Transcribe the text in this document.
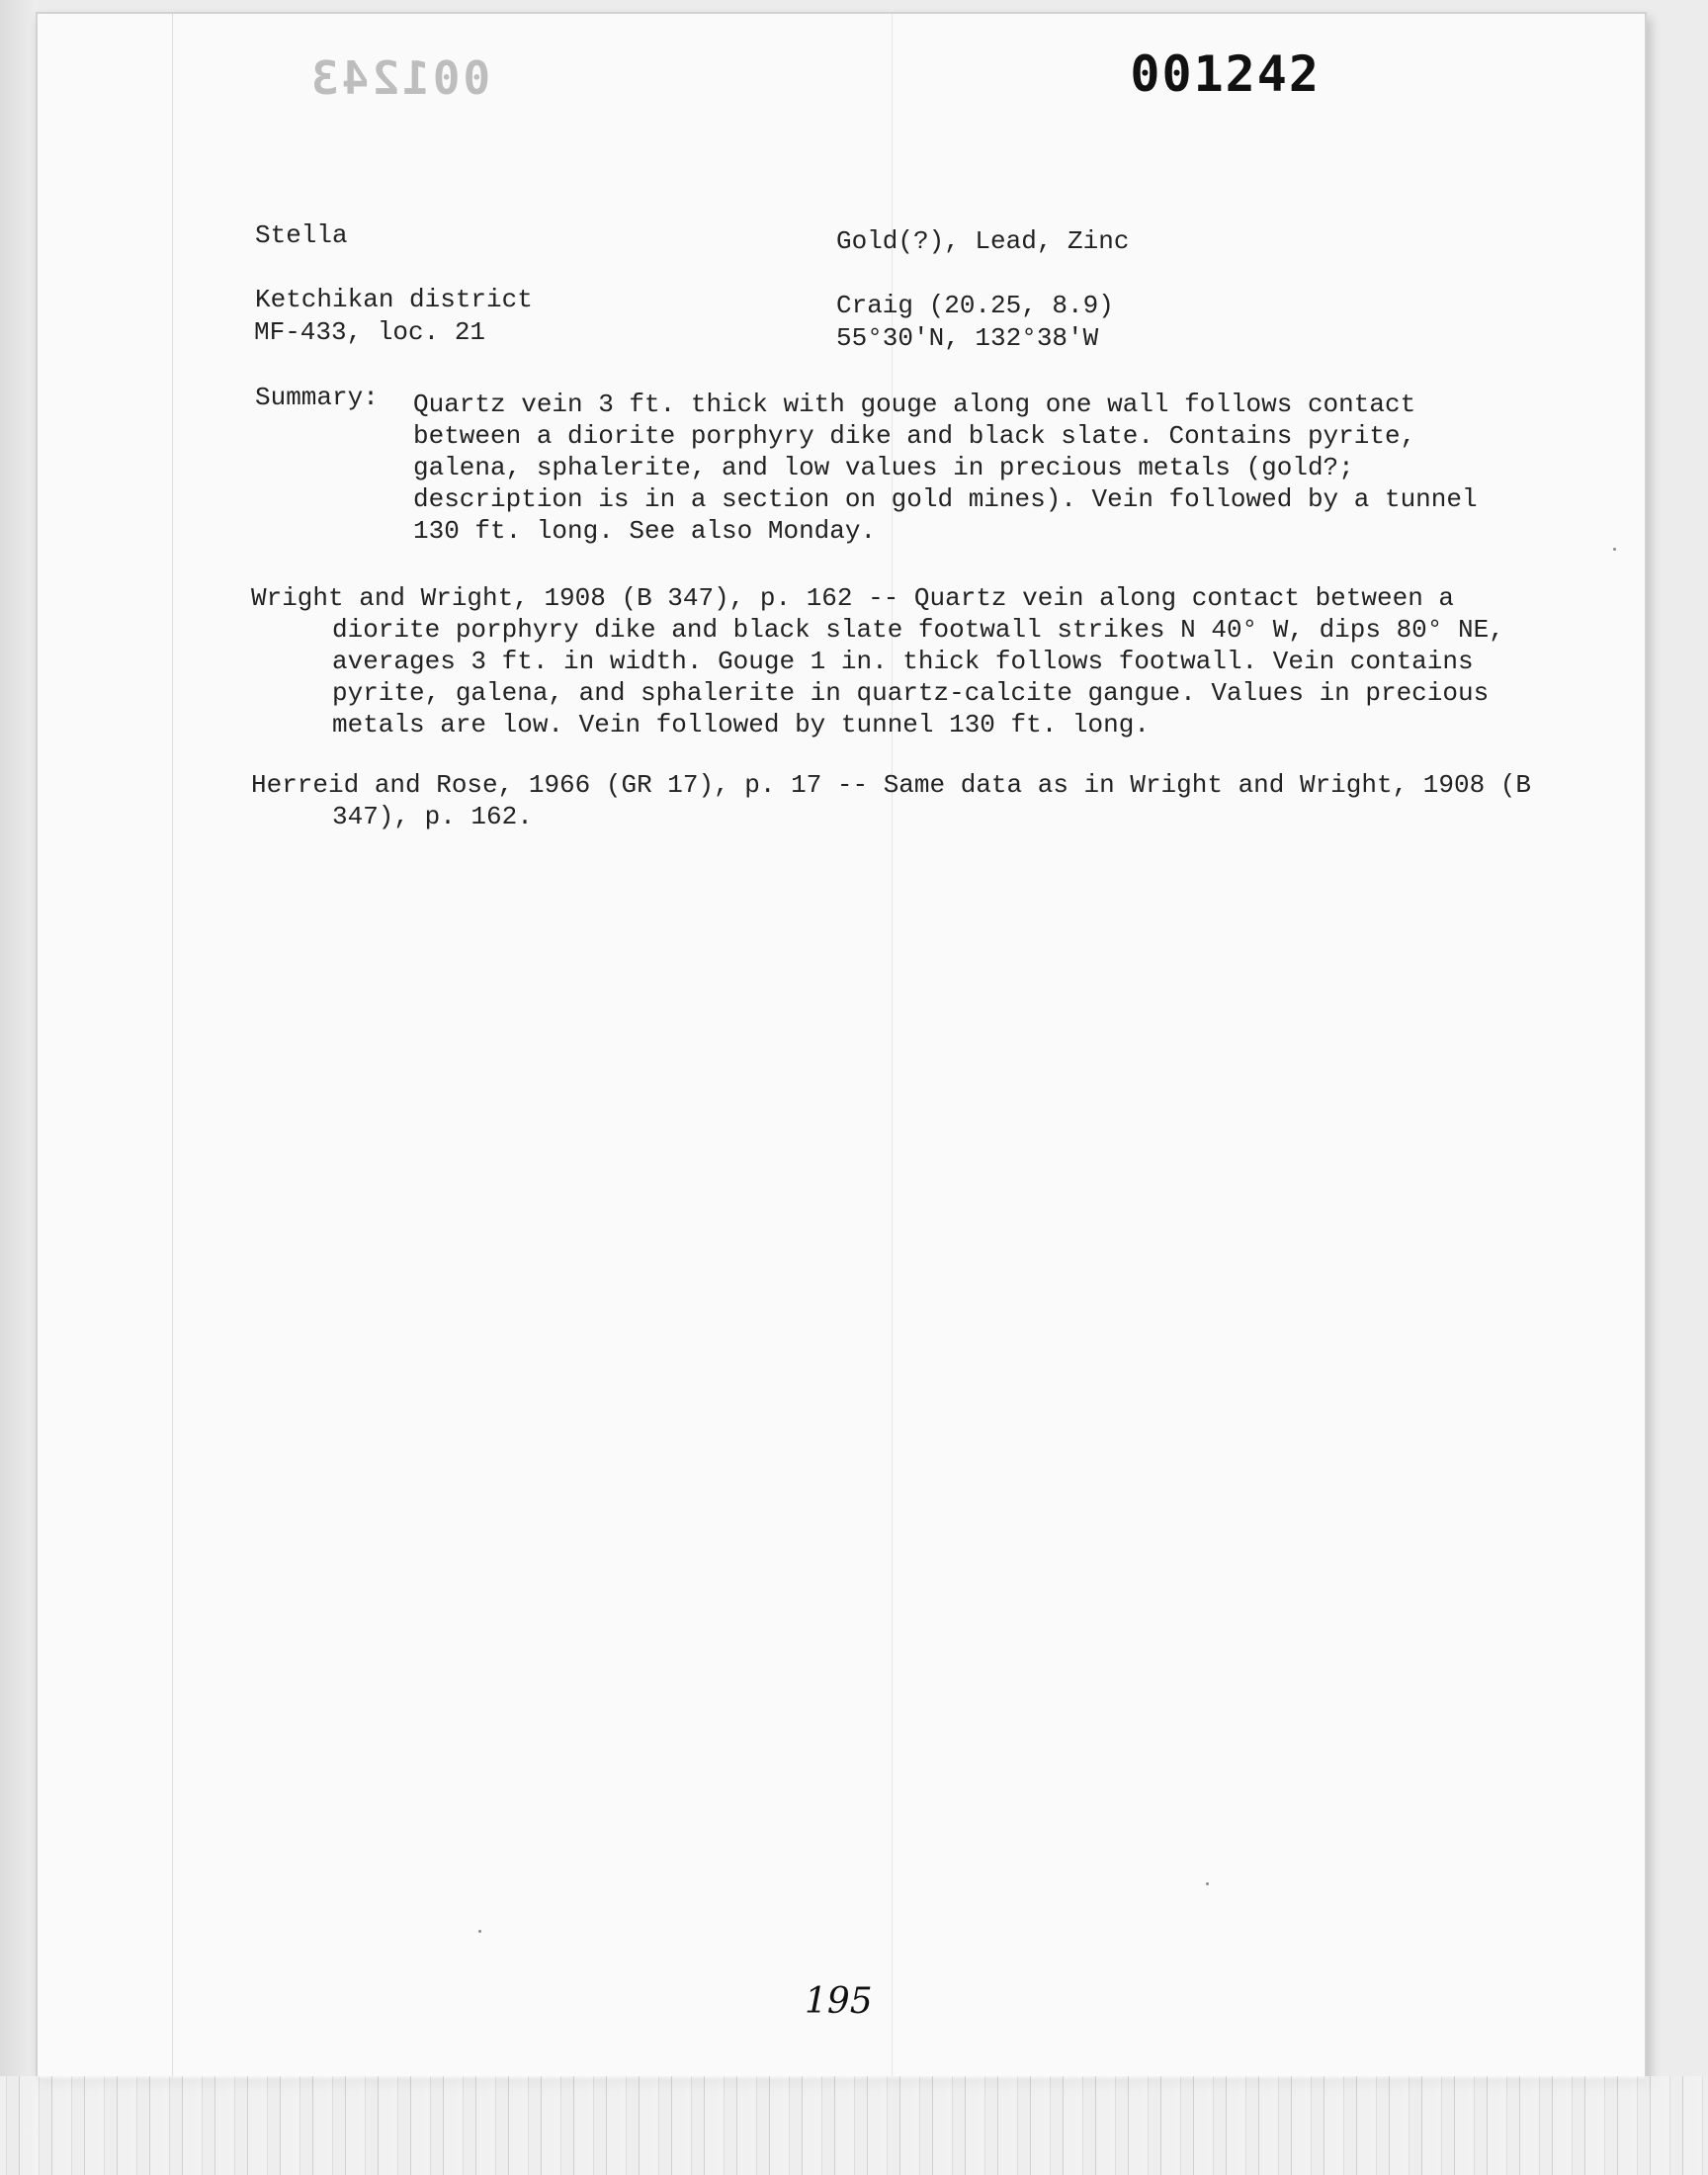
001243	001242
Stella	Gold(?), Lead, Zinc
Ketchikan district
MF-433, loc. 21
Craig (20.25, 8.9)
55°30'N, 132°38'W
Summary: Quartz vein 3 ft. thick with gouge along one wall follows contact between a diorite porphyry dike and black slate. Contains pyrite, galena, sphalerite, and low values in precious metals (gold?; description is in a section on gold mines). Vein followed by a tunnel 130 ft. long. See also Monday.
Wright and Wright, 1908 (B 347), p. 162 -- Quartz vein along contact between a diorite porphyry dike and black slate footwall strikes N 40° W, dips 80° NE, averages 3 ft. in width. Gouge 1 in. thick follows footwall. Vein contains pyrite, galena, and sphalerite in quartz-calcite gangue. Values in precious metals are low. Vein followed by tunnel 130 ft. long.
Herreid and Rose, 1966 (GR 17), p. 17 -- Same data as in Wright and Wright, 1908 (B 347), p. 162.
195
